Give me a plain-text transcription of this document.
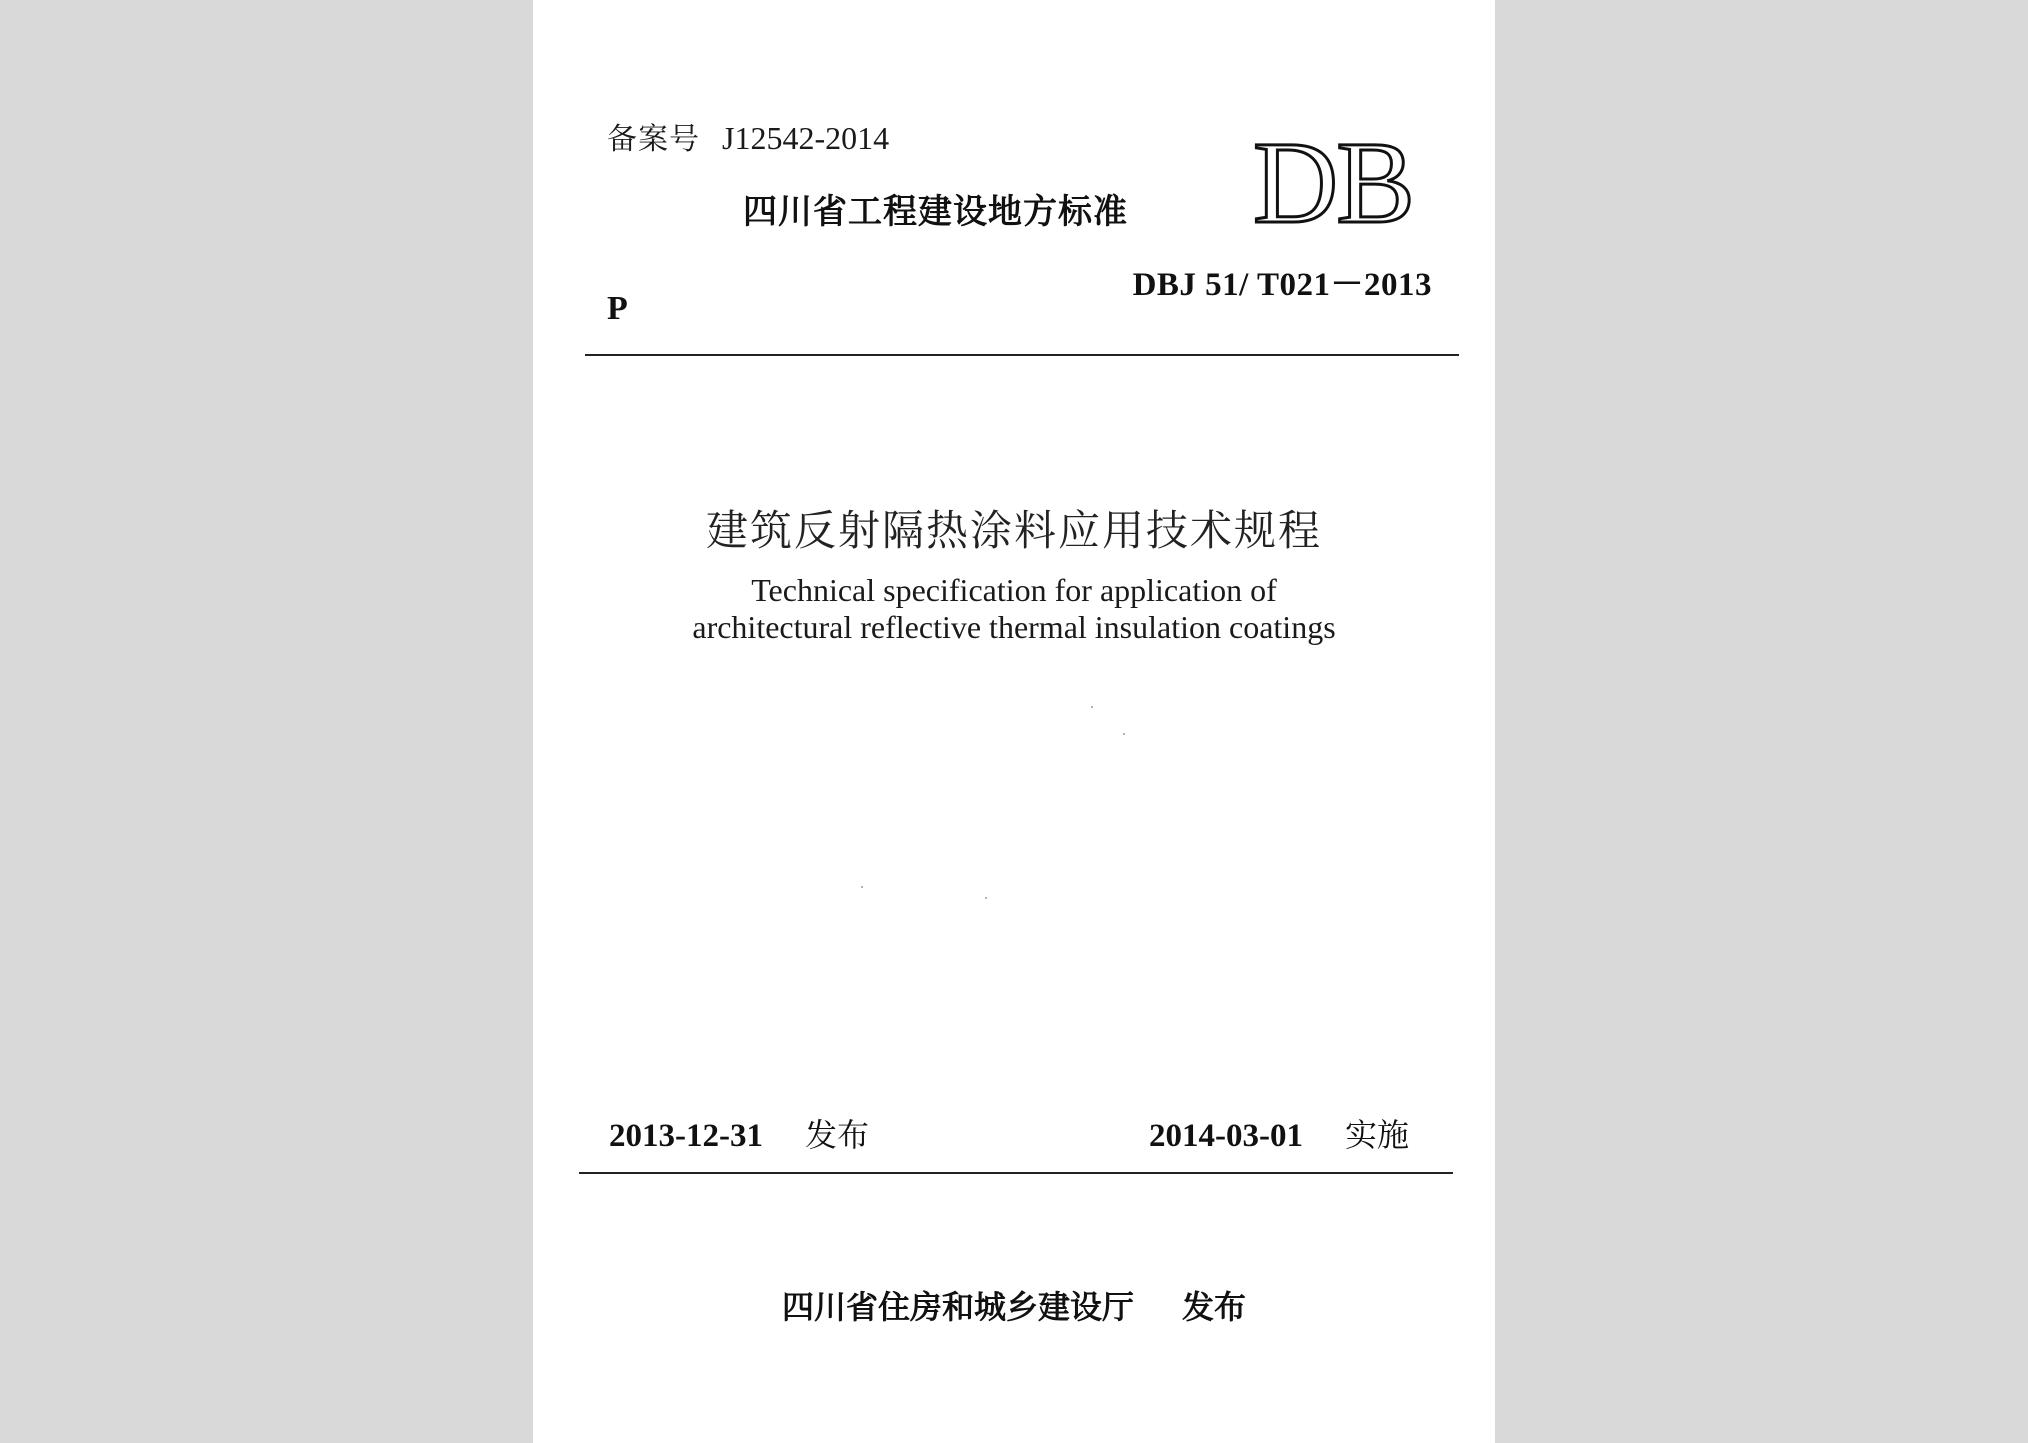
备案号 J12542-2014
四川省工程建设地方标准 DB
DBJ 51/ T021－2013
P
建筑反射隔热涂料应用技术规程
Technical specification for application of
architectural reflective thermal insulation coatings
2013-12-31 发布	2014-03-01 实施
四川省住房和城乡建设厅 发布
